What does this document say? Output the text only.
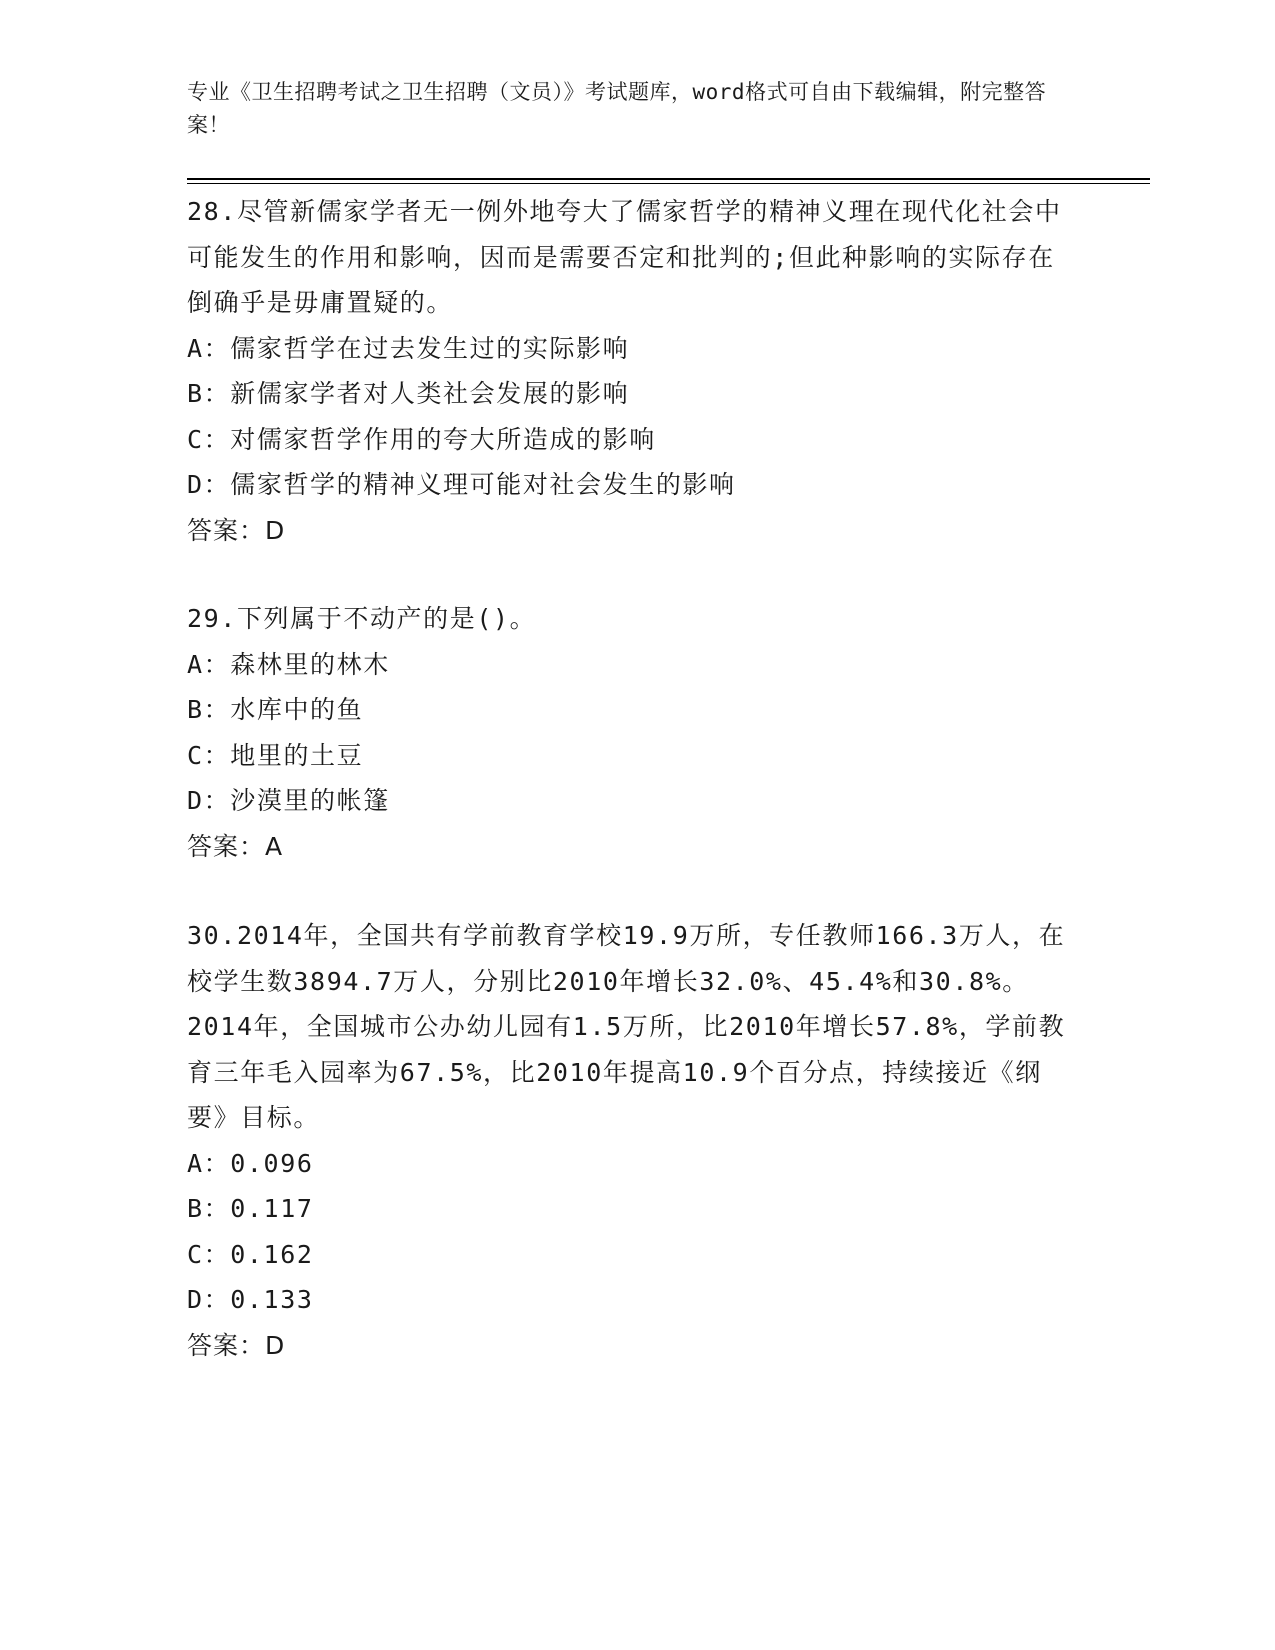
专业《卫生招聘考试之卫生招聘（文员）》考试题库，word格式可自由下载编辑，附完整答案！

28.尽管新儒家学者无一例外地夸大了儒家哲学的精神义理在现代化社会中可能发生的作用和影响，因而是需要否定和批判的;但此种影响的实际存在倒确乎是毋庸置疑的。

A：儒家哲学在过去发生过的实际影响

B：新儒家学者对人类社会发展的影响

C：对儒家哲学作用的夸大所造成的影响

D：儒家哲学的精神义理可能对社会发生的影响

答案：D

29.下列属于不动产的是()。

A：森林里的林木

B：水库中的鱼

C：地里的土豆

D：沙漠里的帐篷

答案：A

30.2014年，全国共有学前教育学校19.9万所，专任教师166.3万人，在校学生数3894.7万人，分别比2010年增长32.0%、45.4%和30.8%。2014年，全国城市公办幼儿园有1.5万所，比2010年增长57.8%，学前教育三年毛入园率为67.5%，比2010年提高10.9个百分点，持续接近《纲要》目标。

A：0.096

B：0.117

C：0.162

D：0.133

答案：D
